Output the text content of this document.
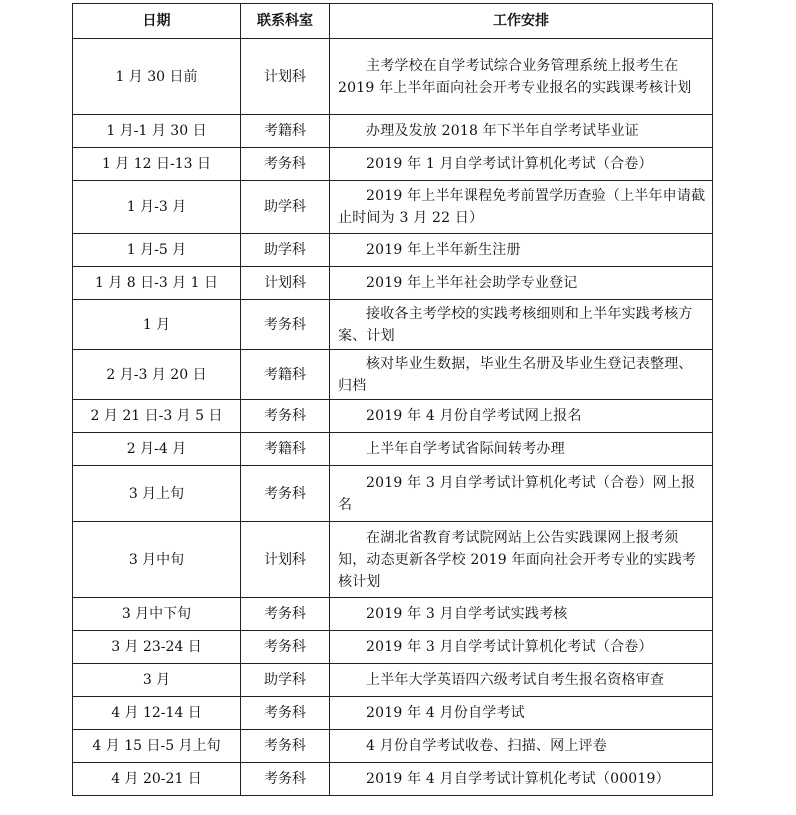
日期	联系科室	工作安排
1 月 30 日前	计划科	主考学校在自学考试综合业务管理系统上报考生在 2019 年上半年面向社会开考专业报名的实践课考核计划
1 月-1 月 30 日	考籍科	办理及发放 2018 年下半年自学考试毕业证
1 月 12 日-13 日	考务科	2019 年 1 月自学考试计算机化考试（合卷）
1 月-3 月	助学科	2019 年上半年课程免考前置学历查验（上半年申请截止时间为 3 月 22 日）
1 月-5 月	助学科	2019 年上半年新生注册
1 月 8 日-3 月 1 日	计划科	2019 年上半年社会助学专业登记
1 月	考务科	接收各主考学校的实践考核细则和上半年实践考核方案、计划
2 月-3 月 20 日	考籍科	核对毕业生数据，毕业生名册及毕业生登记表整理、归档
2 月 21 日-3 月 5 日	考务科	2019 年 4 月份自学考试网上报名
2 月-4 月	考籍科	上半年自学考试省际间转考办理
3 月上旬	考务科	2019 年 3 月自学考试计算机化考试（合卷）网上报名
3 月中旬	计划科	在湖北省教育考试院网站上公告实践课网上报考须知，动态更新各学校 2019 年面向社会开考专业的实践考核计划
3 月中下旬	考务科	2019 年 3 月自学考试实践考核
3 月 23-24 日	考务科	2019 年 3 月自学考试计算机化考试（合卷）
3 月	助学科	上半年大学英语四六级考试自考生报名资格审查
4 月 12-14 日	考务科	2019 年 4 月份自学考试
4 月 15 日-5 月上旬	考务科	4 月份自学考试收卷、扫描、网上评卷
4 月 20-21 日	考务科	2019 年 4 月自学考试计算机化考试（00019）
